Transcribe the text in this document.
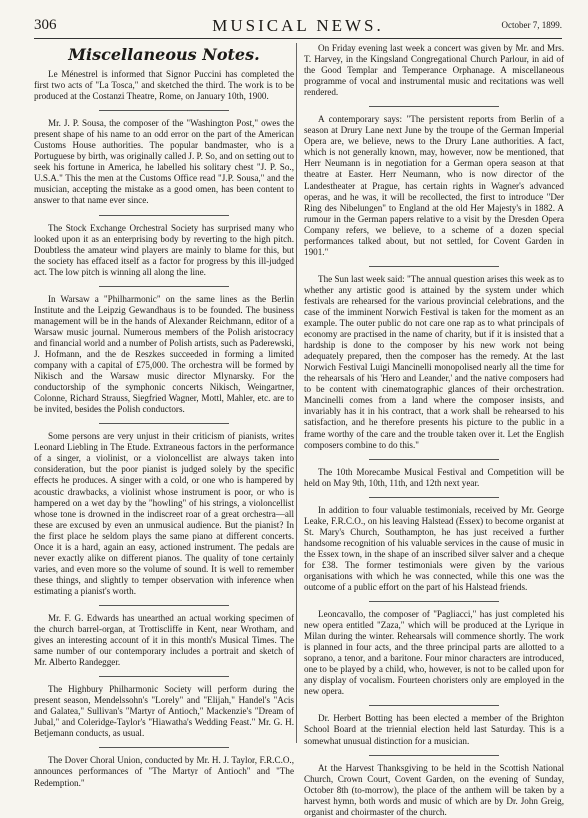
306	MUSICAL NEWS.	October 7, 1899.
Miscellaneous Notes.

Le Ménestrel is informed that Signor Puccini has completed the first two acts of "La Tosca," and sketched the third. The work is to be produced at the Costanzi Theatre, Rome, on January 10th, 1900.

Mr. J. P. Sousa, the composer of the "Washington Post," owes the present shape of his name to an odd error on the part of the American Customs House authorities. The popular bandmaster, who is a Portuguese by birth, was originally called J. P. So, and on setting out to seek his fortune in America, he labelled his solitary chest "J. P. So., U.S.A." This the men at the Customs Office read "J.P. Sousa," and the musician, accepting the mistake as a good omen, has been content to answer to that name ever since.

The Stock Exchange Orchestral Society has surprised many who looked upon it as an enterprising body by reverting to the high pitch. Doubtless the amateur wind players are mainly to blame for this, but the society has effaced itself as a factor for progress by this ill-judged act. The low pitch is winning all along the line.

In Warsaw a "Philharmonic" on the same lines as the Berlin Institute and the Leipzig Gewandhaus is to be founded. The business management will be in the hands of Alexander Reichmann, editor of a Warsaw music journal. Numerous members of the Polish aristocracy and financial world and a number of Polish artists, such as Paderewski, J. Hofmann, and the de Reszkes succeeded in forming a limited company with a capital of £75,000. The orchestra will be formed by Nikisch and the Warsaw music director Mlynarsky. For the conductorship of the symphonic concerts Nikisch, Weingartner, Colonne, Richard Strauss, Siegfried Wagner, Mottl, Mahler, etc. are to be invited, besides the Polish conductors.

Some persons are very unjust in their criticism of pianists, writes Leonard Liebling in The Etude. Extraneous factors in the performance of a singer, a violinist, or a violoncellist are always taken into consideration, but the poor pianist is judged solely by the specific effects he produces. A singer with a cold, or one who is hampered by acoustic drawbacks, a violinist whose instrument is poor, or who is hampered on a wet day by the "howling" of his strings, a violoncellist whose tone is drowned in the indiscreet roar of a great orchestra—all these are excused by even an unmusical audience. But the pianist? In the first place he seldom plays the same piano at different concerts. Once it is a hard, again an easy, actioned instrument. The pedals are never exactly alike on different pianos. The quality of tone certainly varies, and even more so the volume of sound. It is well to remember these things, and slightly to temper observation with inference when estimating a pianist's worth.

Mr. F. G. Edwards has unearthed an actual working specimen of the church barrel-organ, at Trottiscliffe in Kent, near Wrotham, and gives an interesting account of it in this month's Musical Times. The same number of our contemporary includes a portrait and sketch of Mr. Alberto Randegger.

The Highbury Philharmonic Society will perform during the present season, Mendelssohn's "Lorely" and "Elijah," Handel's "Acis and Galatea," Sullivan's "Martyr of Antioch," Mackenzie's "Dream of Jubal," and Coleridge-Taylor's "Hiawatha's Wedding Feast." Mr. G. H. Betjemann conducts, as usual.

The Dover Choral Union, conducted by Mr. H. J. Taylor, F.R.C.O., announces performances of "The Martyr of Antioch" and "The Redemption."

On Friday evening last week a concert was given by Mr. and Mrs. T. Harvey, in the Kingsland Congregational Church Parlour, in aid of the Good Templar and Temperance Orphanage. A miscellaneous programme of vocal and instrumental music and recitations was well rendered.

A contemporary says: "The persistent reports from Berlin of a season at Drury Lane next June by the troupe of the German Imperial Opera are, we believe, news to the Drury Lane authorities. A fact, which is not generally known, may, however, now be mentioned, that Herr Neumann is in negotiation for a German opera season at that theatre at Easter. Herr Neumann, who is now director of the Landestheater at Prague, has certain rights in Wagner's advanced operas, and he was, it will be recollected, the first to introduce "Der Ring des Nibelungen" to England at the old Her Majesty's in 1882. A rumour in the German papers relative to a visit by the Dresden Opera Company refers, we believe, to a scheme of a dozen special performances talked about, but not settled, for Covent Garden in 1901."

The Sun last week said: "The annual question arises this week as to whether any artistic good is attained by the system under which festivals are rehearsed for the various provincial celebrations, and the case of the imminent Norwich Festival is taken for the moment as an example. The outer public do not care one rap as to what principals of economy are practised in the name of charity, but if it is insisted that a hardship is done to the composer by his new work not being adequately prepared, then the composer has the remedy. At the last Norwich Festival Luigi Mancinelli monopolised nearly all the time for the rehearsals of his 'Hero and Leander,' and the native composers had to be content with cinematographic glances of their orchestration. Mancinelli comes from a land where the composer insists, and invariably has it in his contract, that a work shall be rehearsed to his satisfaction, and he therefore presents his picture to the public in a frame worthy of the care and the trouble taken over it. Let the English composers combine to do this."

The 10th Morecambe Musical Festival and Competition will be held on May 9th, 10th, 11th, and 12th next year.

In addition to four valuable testimonials, received by Mr. George Leake, F.R.C.O., on his leaving Halstead (Essex) to become organist at St. Mary's Church, Southampton, he has just received a further handsome recognition of his valuable services in the cause of music in the Essex town, in the shape of an inscribed silver salver and a cheque for £38. The former testimonials were given by the various organisations with which he was connected, while this one was the outcome of a public effort on the part of his Halstead friends.

Leoncavallo, the composer of "Pagliacci," has just completed his new opera entitled "Zaza," which will be produced at the Lyrique in Milan during the winter. Rehearsals will commence shortly. The work is planned in four acts, and the three principal parts are allotted to a soprano, a tenor, and a baritone. Four minor characters are introduced, one to be played by a child, who, however, is not to be called upon for any display of vocalism. Fourteen choristers only are employed in the new opera.

Dr. Herbert Botting has been elected a member of the Brighton School Board at the triennial election held last Saturday. This is a somewhat unusual distinction for a musician.

At the Harvest Thanksgiving to be held in the Scottish National Church, Crown Court, Covent Garden, on the evening of Sunday, October 8th (to-morrow), the place of the anthem will be taken by a harvest hymn, both words and music of which are by Dr. John Greig, organist and choirmaster of the church.
